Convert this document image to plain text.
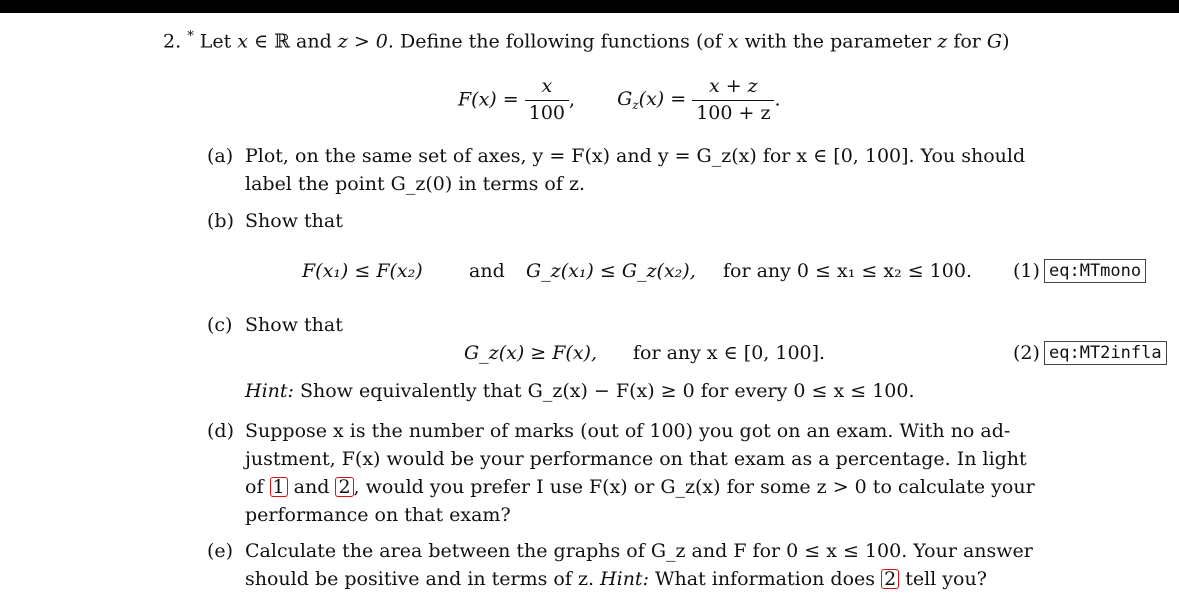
2. * Let x ∈ ℝ and z > 0. Define the following functions (of x with the parameter z for G)
$F(x) = \frac{x}{100}$ , $G_z(x) = \frac{x + z}{100 + z}$ .
(a) Plot, on the same set of axes, y = F(x) and y = G_z(x) for x ∈ [0, 100]. You should
label the point G_z(0) in terms of z.
(b) Show that
F(x₁) ≤ F(x₂) and G_z(x₁) ≤ G_z(x₂), for any 0 ≤ x₁ ≤ x₂ ≤ 100. (1) eq:MTmono
(c) Show that
G_z(x) ≥ F(x), for any x ∈ [0, 100].	(2) eq:MT2infla
Hint: Show equivalently that G_z(x) − F(x) ≥ 0 for every 0 ≤ x ≤ 100.
(d) Suppose x is the number of marks (out of 100) you got on an exam. With no ad-
justment, F(x) would be your performance on that exam as a percentage. In light
of 1 and 2 , would you prefer I use F(x) or G_z(x) for some z > 0 to calculate your
performance on that exam?
(e) Calculate the area between the graphs of G_z and F for 0 ≤ x ≤ 100. Your answer
should be positive and in terms of z. Hint: What information does 2 tell you?
